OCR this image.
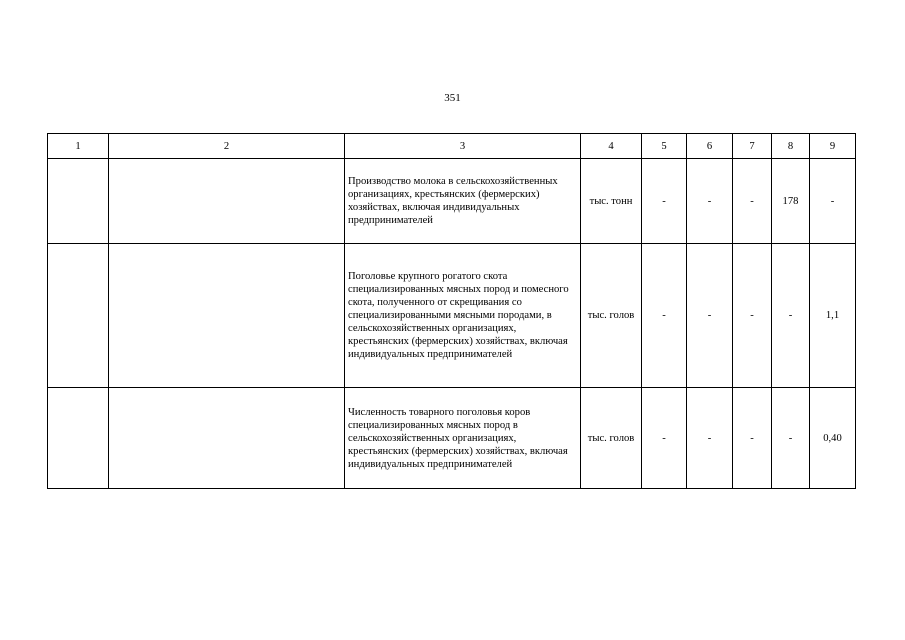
351
1	2	3	4	5	6	7	8	9
		Производство молока в сельскохозяйственных организациях, крестьянских (фермерских) хозяйствах, включая индивидуальных предпринимателей	тыс. тонн	-	-	-	178	-
		Поголовье крупного рогатого скота специализированных мясных пород и помесного скота, полученного от скрещивания со специализированными мясными породами, в сельскохозяйственных организациях, крестьянских (фермерских) хозяйствах, включая индивидуальных предпринимателей	тыс. голов	-	-	-	-	1,1
		Численность товарного поголовья коров специализированных мясных пород в сельскохозяйственных организациях, крестьянских (фермерских) хозяйствах, включая индивидуальных предпринимателей	тыс. голов	-	-	-	-	0,40
